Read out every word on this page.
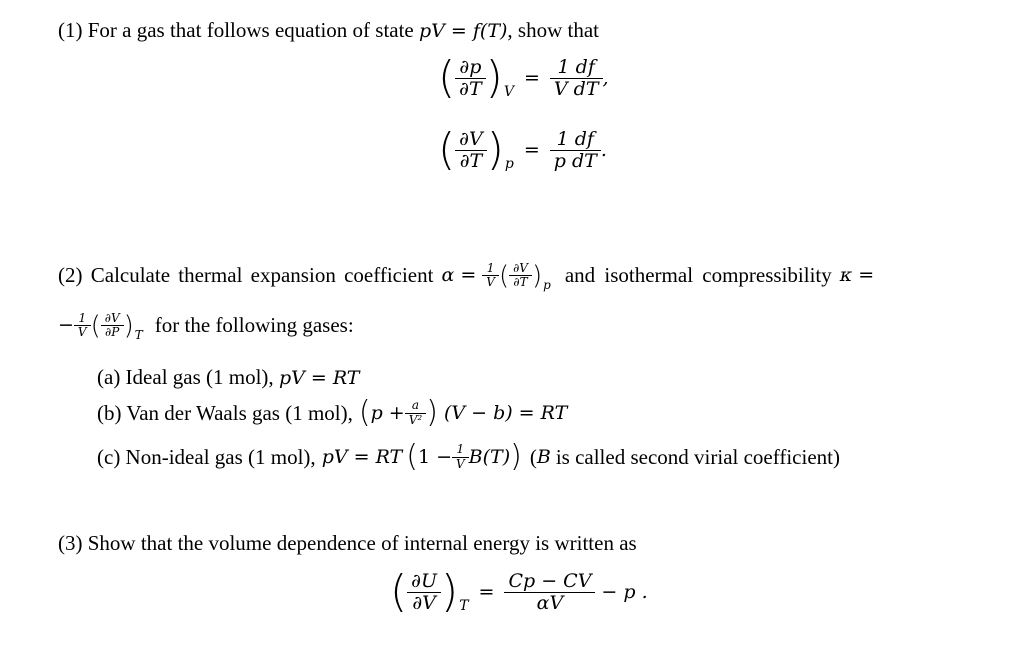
(1) For a gas that follows equation of state pV = f(T), show that
( $\frac{\partial p}{\partial T}$ ) V
= $\frac{1 df}{\text{V dT}}$ ,
( $\frac{\partial V}{\partial T}$ ) p
= $\frac{1 df}{\text{p dT}}$ .
(2) Calculate thermal expansion coefficient $\alpha = \frac{1}{V}$ ( $\frac{\partial V}{\partial T}$ ) p and isothermal compressibility κ =
− $\frac{1}{V}$ ( $\frac{\partial V}{\partial P}$ ) T for the following gases:
(a) Ideal gas (1 mol), pV = RT
(b) Van der Waals gas (1 mol), ( $p + \frac{a}{\text{V²}}$ ) (V − b) = RT
(c) Non-ideal gas (1 mol), pV = RT ( $1 - \frac{1}{V} B(T)$ ) ( B is called second virial coefficient)
(3) Show that the volume dependence of internal energy is written as
( $\frac{\partial U}{\partial V}$ ) T
= $\frac{Cp - CV}{\alpha V} - p$ .
